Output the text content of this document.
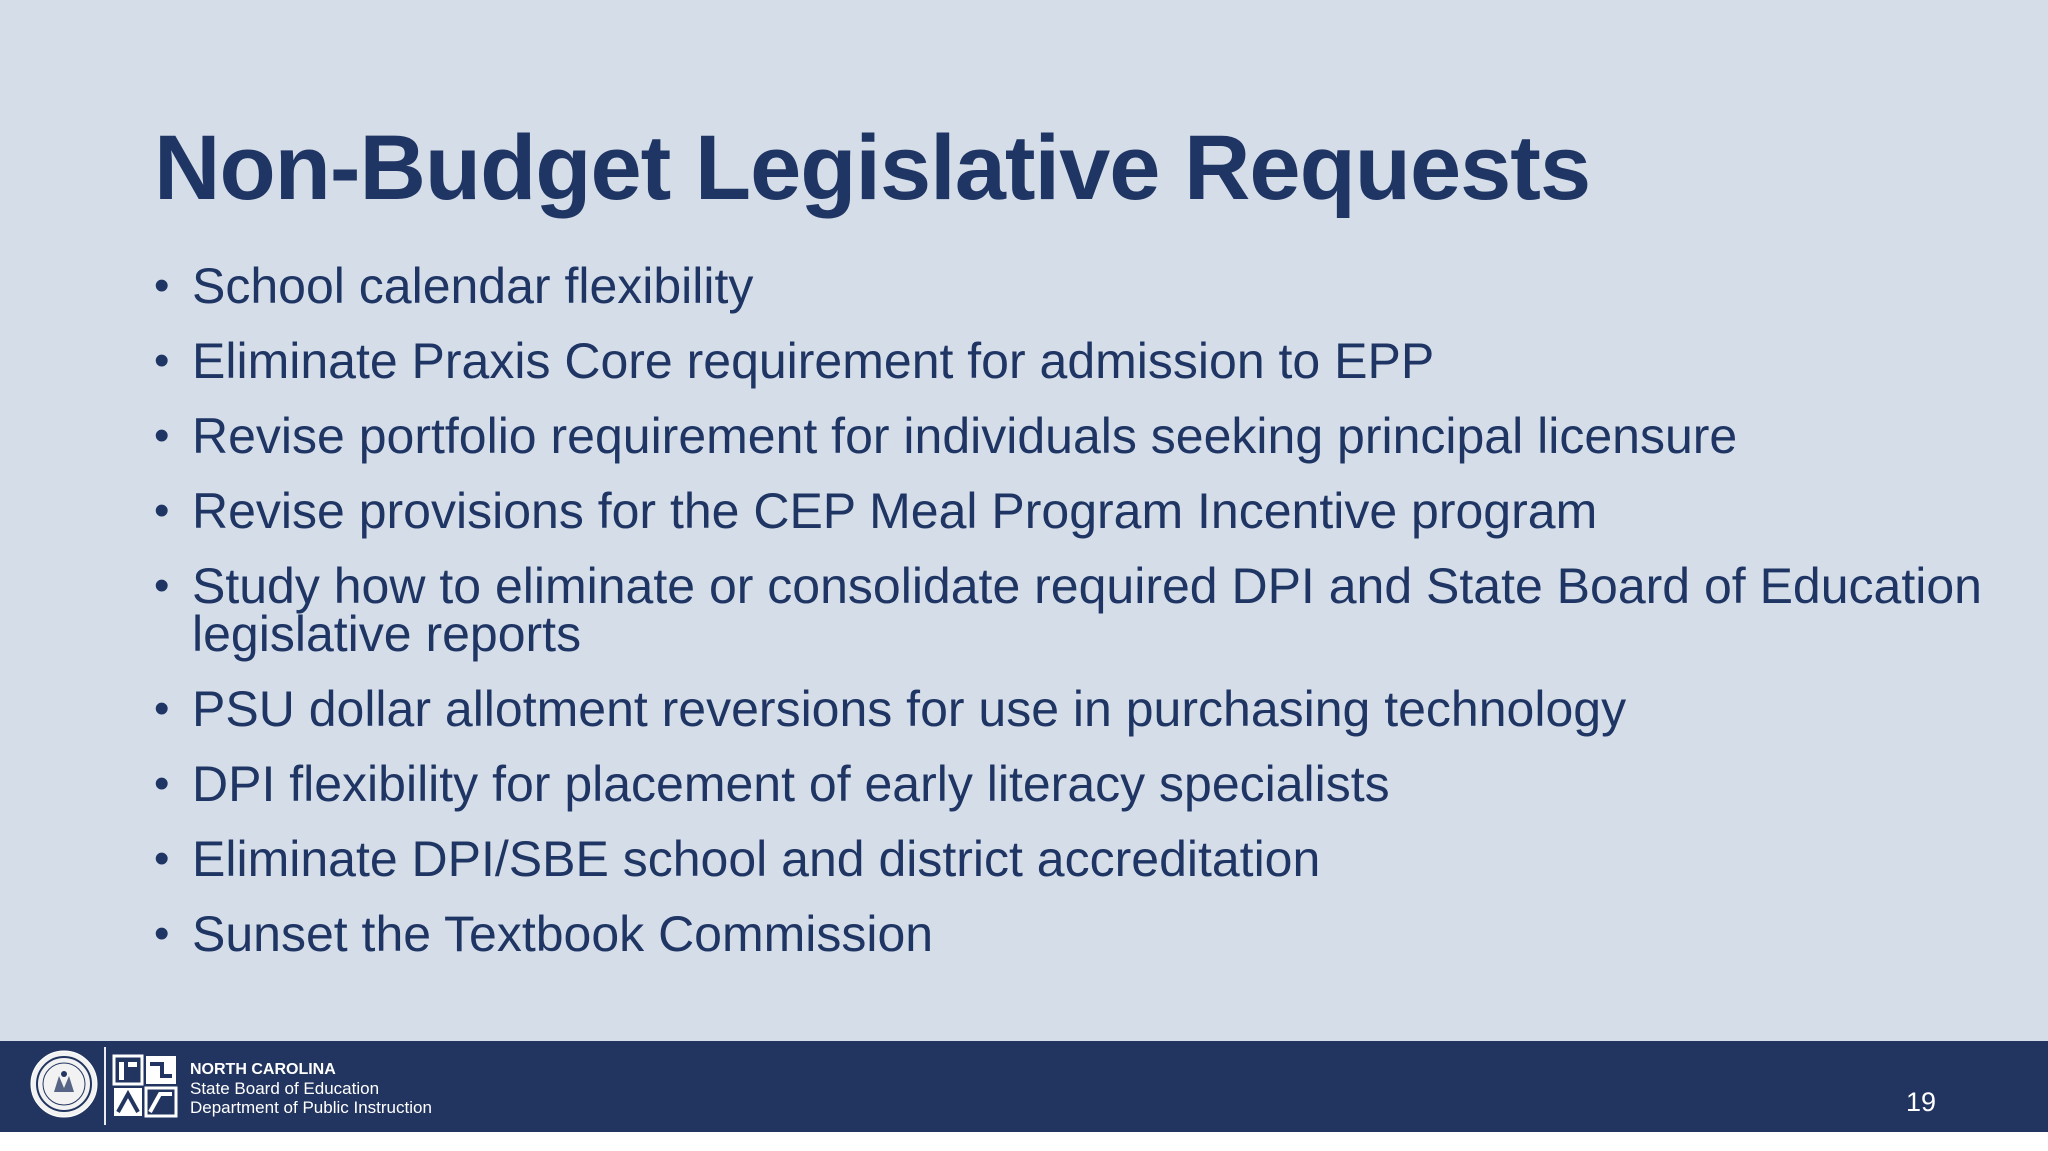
Non-Budget Legislative Requests
• School calendar flexibility
• Eliminate Praxis Core requirement for admission to EPP
• Revise portfolio requirement for individuals seeking principal licensure
• Revise provisions for the CEP Meal Program Incentive program
• Study how to eliminate or consolidate required DPI and State Board of Education legislative reports
• PSU dollar allotment reversions for use in purchasing technology
• DPI flexibility for placement of early literacy specialists
• Eliminate DPI/SBE school and district accreditation
• Sunset the Textbook Commission
NORTH CAROLINA
State Board of Education
Department of Public Instruction	19
